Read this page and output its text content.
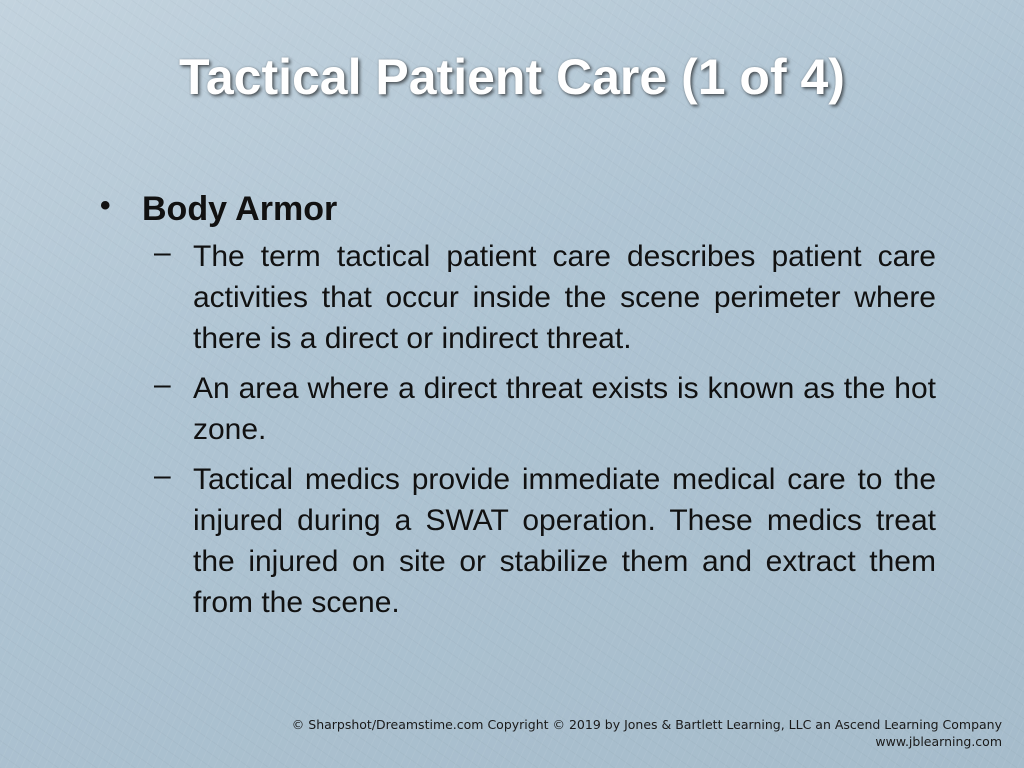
Tactical Patient Care (1 of 4)
• Body Armor
– The term tactical patient care describes patient care activities that occur inside the scene perimeter where there is a direct or indirect threat.
– An area where a direct threat exists is known as the hot zone.
– Tactical medics provide immediate medical care to the injured during a SWAT operation. These medics treat the injured on site or stabilize them and extract them from the scene.
© Sharpshot/Dreamstime.com Copyright © 2019 by Jones & Bartlett Learning, LLC an Ascend Learning Company
www.jblearning.com
